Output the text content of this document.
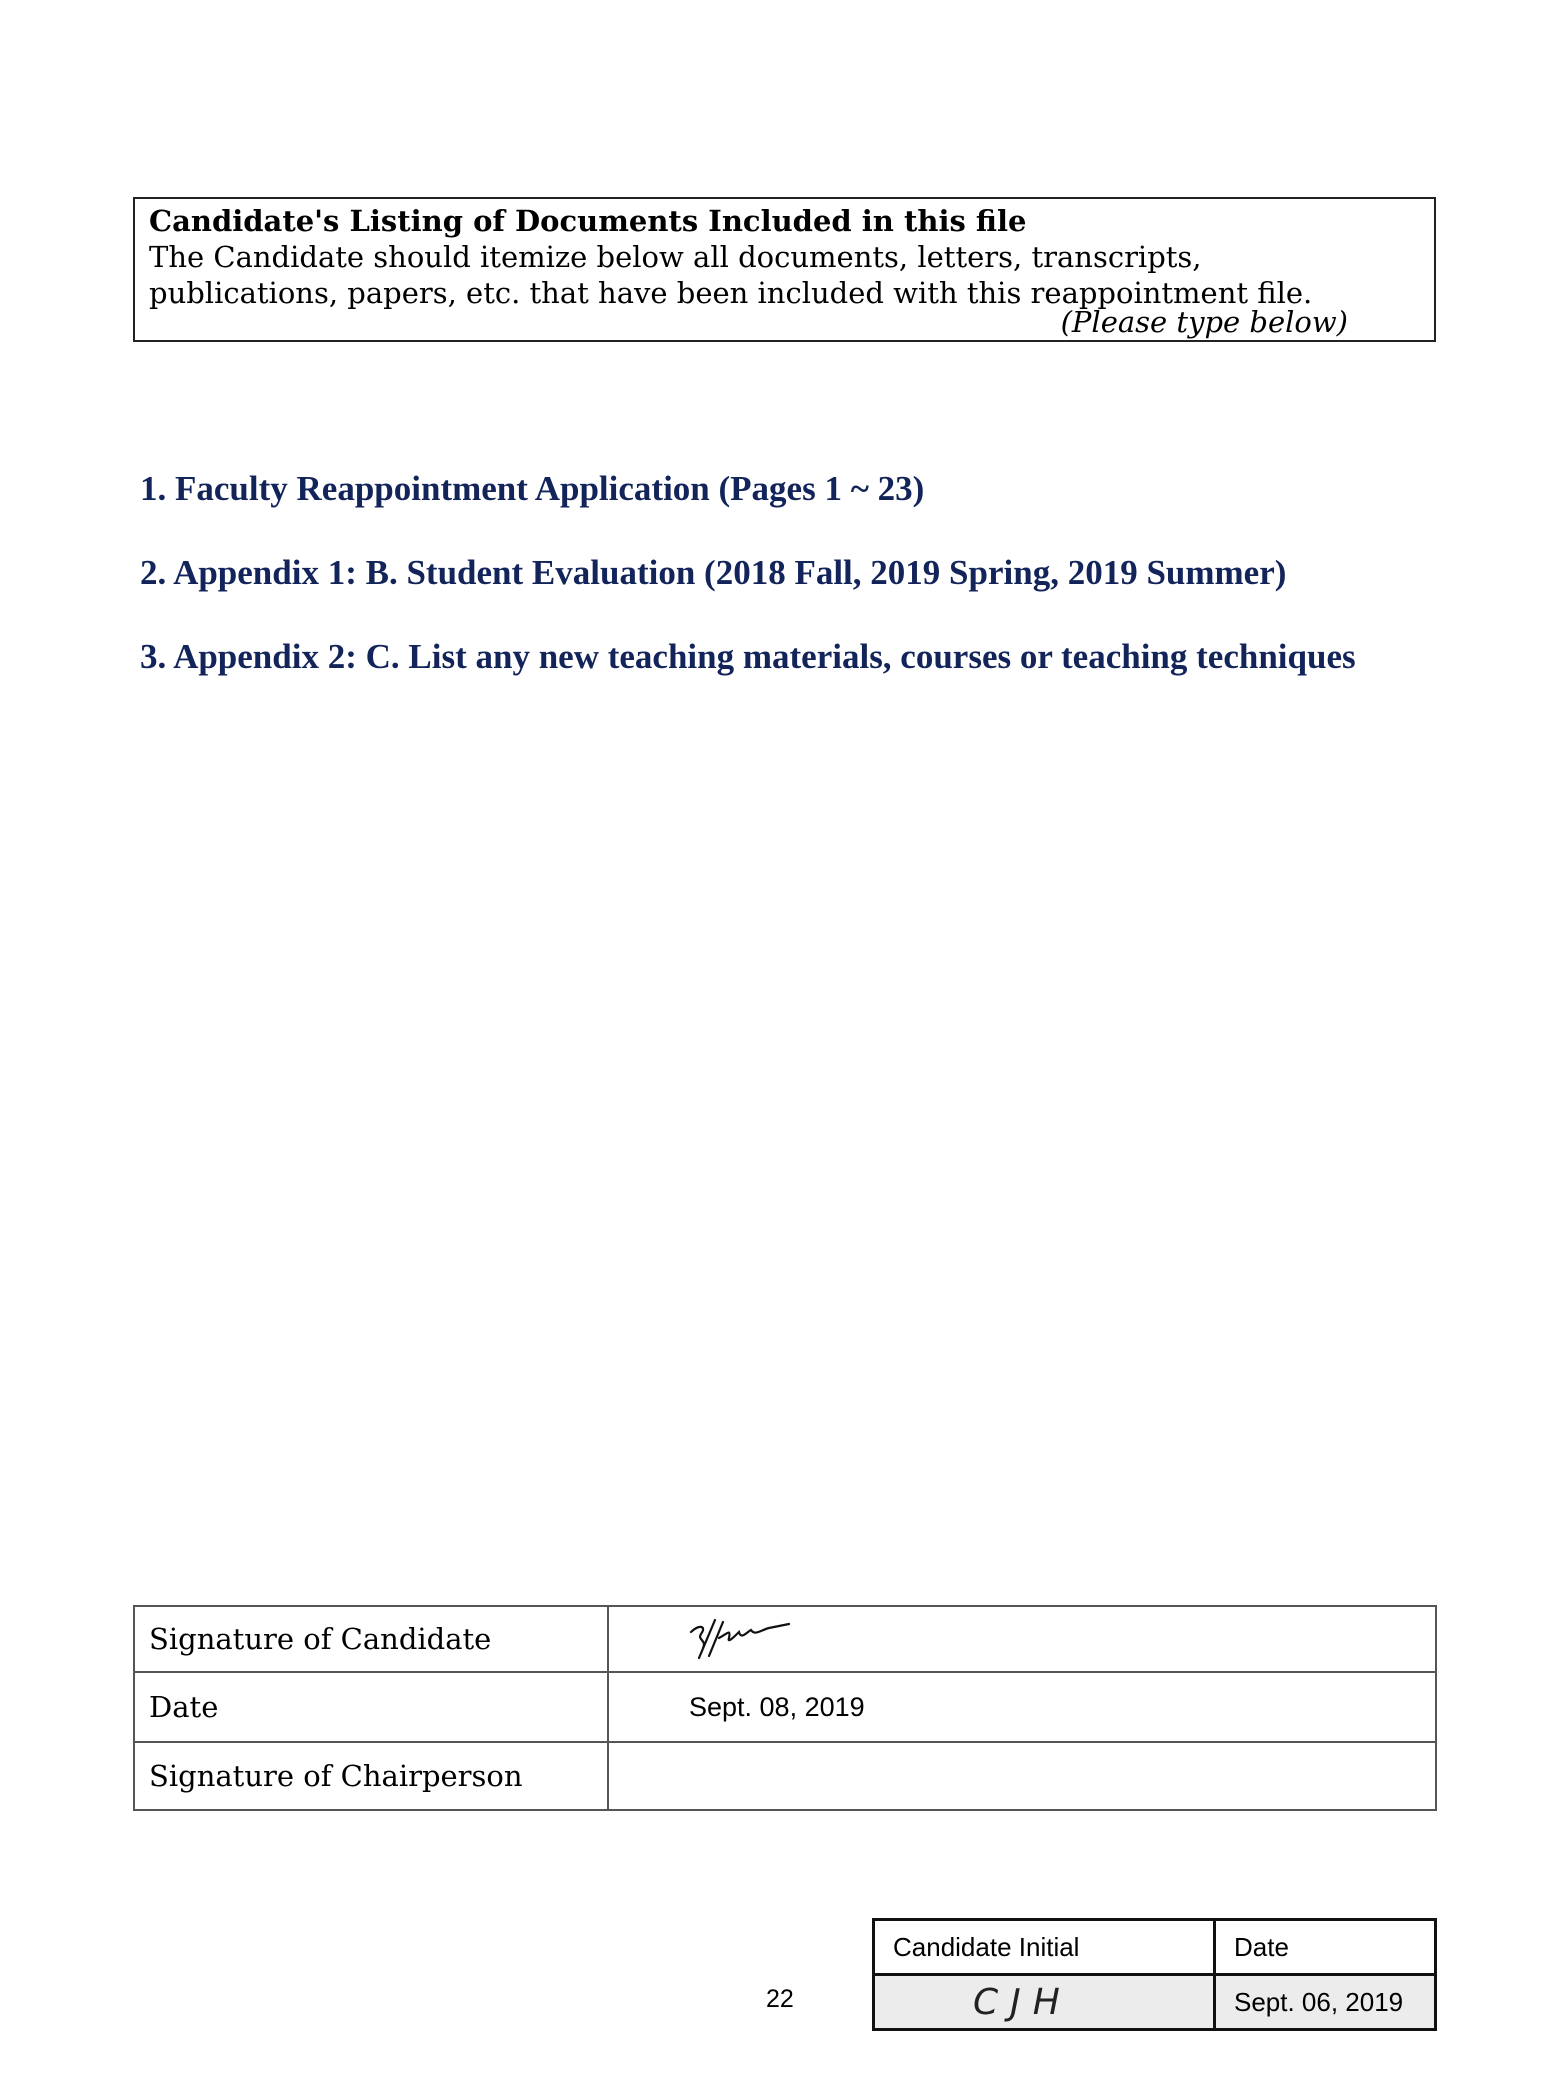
Candidate's Listing of Documents Included in this file

The Candidate should itemize below all documents, letters, transcripts,

publications, papers, etc. that have been included with this reappointment file.

(Please type below)
1. Faculty Reappointment Application (Pages 1 ~ 23)
2. Appendix 1: B. Student Evaluation (2018 Fall, 2019 Spring, 2019 Summer)
3. Appendix 2: C. List any new teaching materials, courses or teaching techniques
Signature of Candidate	

Date	Sept. 08, 2019
Signature of Chairperson	
22
Candidate Initial	Date
CJH	Sept. 06, 2019
